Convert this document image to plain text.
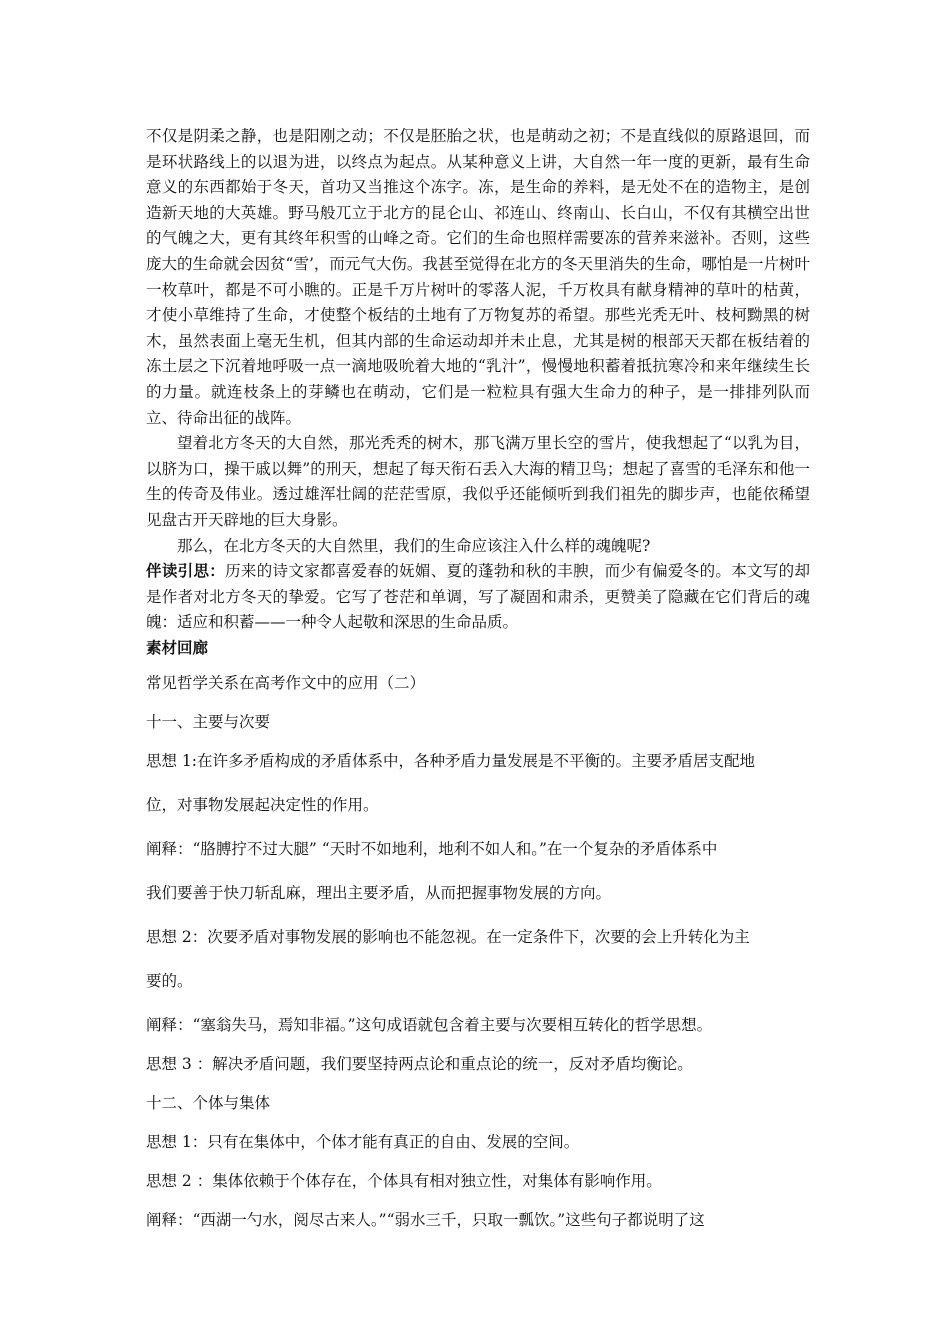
不仅是阴柔之静，也是阳刚之动；不仅是胚胎之状，也是萌动之初；不是直线似的原路退回，而是环状路线上的以退为进，以终点为起点。从某种意义上讲，大自然一年一度的更新，最有生命意义的东西都始于冬天，首功又当推这个冻字。冻，是生命的养料，是无处不在的造物主，是创造新天地的大英雄。野马般兀立于北方的昆仑山、祁连山、终南山、长白山，不仅有其横空出世的气魄之大，更有其终年积雪的山峰之奇。它们的生命也照样需要冻的营养来滋补。否则，这些庞大的生命就会因贫“雪’，而元气大伤。我甚至觉得在北方的冬天里消失的生命，哪怕是一片树叶一枚草叶，都是不可小瞧的。正是千万片树叶的零落人泥，千万枚具有献身精神的草叶的枯黄，才使小草维持了生命，才使整个板结的土地有了万物复苏的希望。那些光秃无叶、枝柯黝黑的树木，虽然表面上毫无生机，但其内部的生命运动却并未止息，尤其是树的根部天天都在板结着的冻土层之下沉着地呼吸一点一滴地吸吮着大地的“乳汁”，慢慢地积蓄着抵抗寒冷和来年继续生长的力量。就连枝条上的芽鳞也在萌动，它们是一粒粒具有强大生命力的种子，是一排排列队而立、待命出征的战阵。

望着北方冬天的大自然，那光秃秃的树木，那飞满万里长空的雪片，使我想起了“以乳为目，以脐为口，操干戚以舞”的刑天，想起了每天衔石丢入大海的精卫鸟；想起了喜雪的毛泽东和他一生的传奇及伟业。透过雄浑壮阔的茫茫雪原，我似乎还能倾听到我们祖先的脚步声，也能依稀望见盘古开天辟地的巨大身影。

那么，在北方冬天的大自然里，我们的生命应该注入什么样的魂魄呢?

伴读引思：历来的诗文家都喜爱春的妩媚、夏的蓬勃和秋的丰腴，而少有偏爱冬的。本文写的却是作者对北方冬天的挚爱。它写了苍茫和单调，写了凝固和肃杀，更赞美了隐藏在它们背后的魂魄：适应和积蓄——一种令人起敬和深思的生命品质。

素材回廊

常见哲学关系在高考作文中的应用（二）

十一、主要与次要

思想 1:在许多矛盾构成的矛盾体系中，各种矛盾力量发展是不平衡的。主要矛盾居支配地

位，对事物发展起决定性的作用。

阐释：“胳膊拧不过大腿” “天时不如地利，地利不如人和。”在一个复杂的矛盾体系中

我们要善于快刀斩乱麻，理出主要矛盾，从而把握事物发展的方向。

思想 2：次要矛盾对事物发展的影响也不能忽视。在一定条件下，次要的会上升转化为主

要的。

阐释：“塞翁失马，焉知非福。”这句成语就包含着主要与次要相互转化的哲学思想。

思想 3 ：解决矛盾问题，我们要坚持两点论和重点论的统一，反对矛盾均衡论。

十二、个体与集体

思想 1：只有在集体中，个体才能有真正的自由、发展的空间。

思想 2 ：集体依赖于个体存在，个体具有相对独立性，对集体有影响作用。

阐释：“西湖一勺水，阅尽古来人。”“弱水三千，只取一瓢饮。”这些句子都说明了这
